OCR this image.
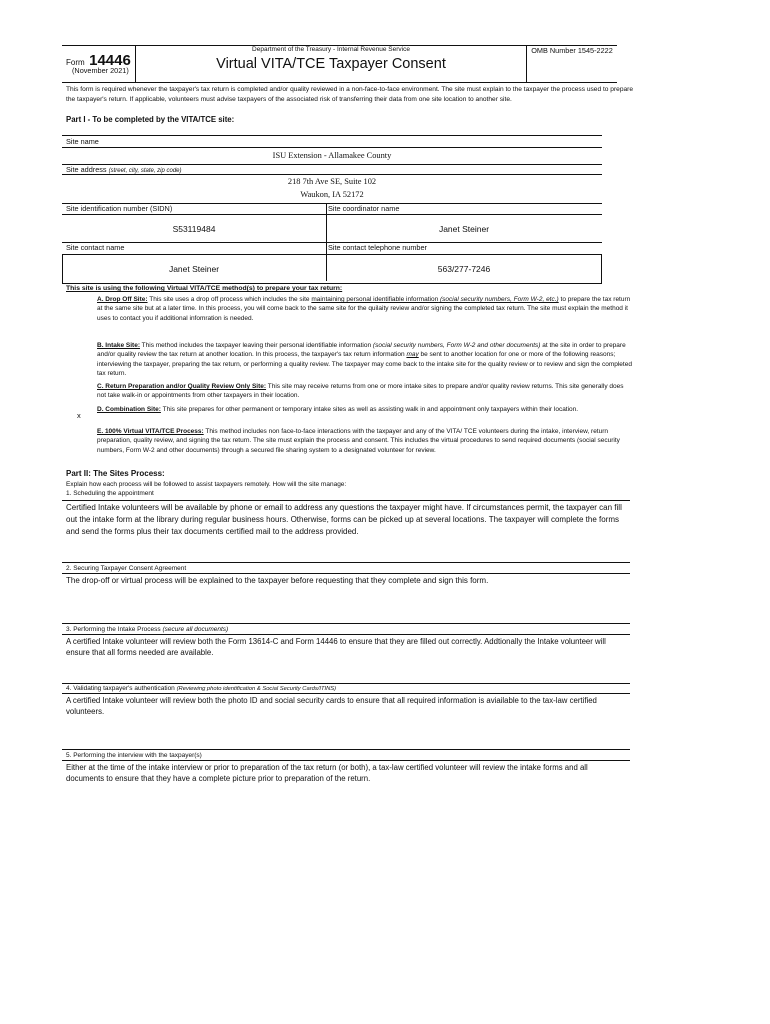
Form 14446
(November 2021)
Department of the Treasury - Internal Revenue Service
Virtual VITA/TCE Taxpayer Consent
OMB Number 1545-2222
This form is required whenever the taxpayer's tax return is completed and/or quality reviewed in a non-face-to-face environment. The site must explain to the taxpayer the process used to prepare the taxpayer's return. If applicable, volunteers must advise taxpayers of the associated risk of transferring their data from one site location to another site.
Part I - To be completed by the VITA/TCE site:
Site name
ISU Extension - Allamakee County
Site address (street, city, state, zip code)
218 7th Ave SE, Suite 102
Waukon, IA 52172
Site identification number (SIDN)	Site coordinator name
S53119484	Janet Steiner
Site contact name	Site contact telephone number
Janet Steiner	563/277-7246
This site is using the following Virtual VITA/TCE method(s) to prepare your tax return:
A. Drop Off Site: This site uses a drop off process which includes the site maintaining personal identifiable information (social security numbers, Form W-2, etc.) to prepare the tax return at the same site but at a later time. In this process, you will come back to the same site for the quilaity review and/or signing the completed tax return. The site must explain the method it uses to contact you if additional infomration is needed.
B. Intake Site: This method includes the taxpayer leaving their personal identifiable information (social security numbers, Form W-2 and other documents) at the site in order to prepare and/or quality review the tax return at another location. In this process, the taxpayer's tax return information may be sent to another location for one or more of the following reasons; interviewing the taxpayer, preparing the tax return, or performing a quality review. The taxpayer may come back to the intake site for the quality review or to review and sign the completed tax return.
C. Return Preparation and/or Quality Review Only Site: This site may receive returns from one or more intake sites to prepare and/or quality review returns. This site generally does not take walk-in or appointments from other taxpayers in their location.
x
D. Combination Site: This site prepares for other permanent or temporary intake sites as well as assisting walk in and appointment only taxpayers within their location.
E. 100% Virtual VITA/TCE Process: This method includes non face-to-face interactions with the taxpayer and any of the VITA/ TCE volunteers during the intake, interview, return preparation, quality review, and signing the tax return. The site must explain the process and consent. This includes the virtual procedures to send required documents (social security numbers, Form W-2 and other documents) through a secured file sharing system to a designated volunteer for review.
Part II: The Sites Process:
Explain how each process will be followed to assist taxpayers remotely. How will the site manage:
1. Scheduling the appointment
Certified Intake volunteers will be available by phone or email to address any questions the taxpayer might have. If circumstances permit, the taxpayer can fill out the intake form at the library during regular business hours. Otherwise, forms can be picked up at several locations. The taxpayer will complete the forms and send the forms plus their tax documents certified mail to the address provided.
2. Securing Taxpayer Consent Agreement
The drop-off or virtual process will be explained to the taxpayer before requesting that they complete and sign this form.
3. Performing the Intake Process (secure all documents)
A certified Intake volunteer will review both the Form 13614-C and Form 14446 to ensure that they are filled out correctly. Addtionally the Intake volunteer will ensure that all forms needed are available.
4. Validating taxpayer's authentication (Reviewing photo identification & Social Security Cards/ITINS)
A certified Intake volunteer will review both the photo ID and social security cards to ensure that all required information is aviailable to the tax-law certified volunteers.
5. Performing the interview with the taxpayer(s)
Either at the time of the intake interview or prior to preparation of the tax return (or both), a tax-law certified volunteer will review the intake forms and all documents to ensure that they have a complete picture prior to preparation of the return.
